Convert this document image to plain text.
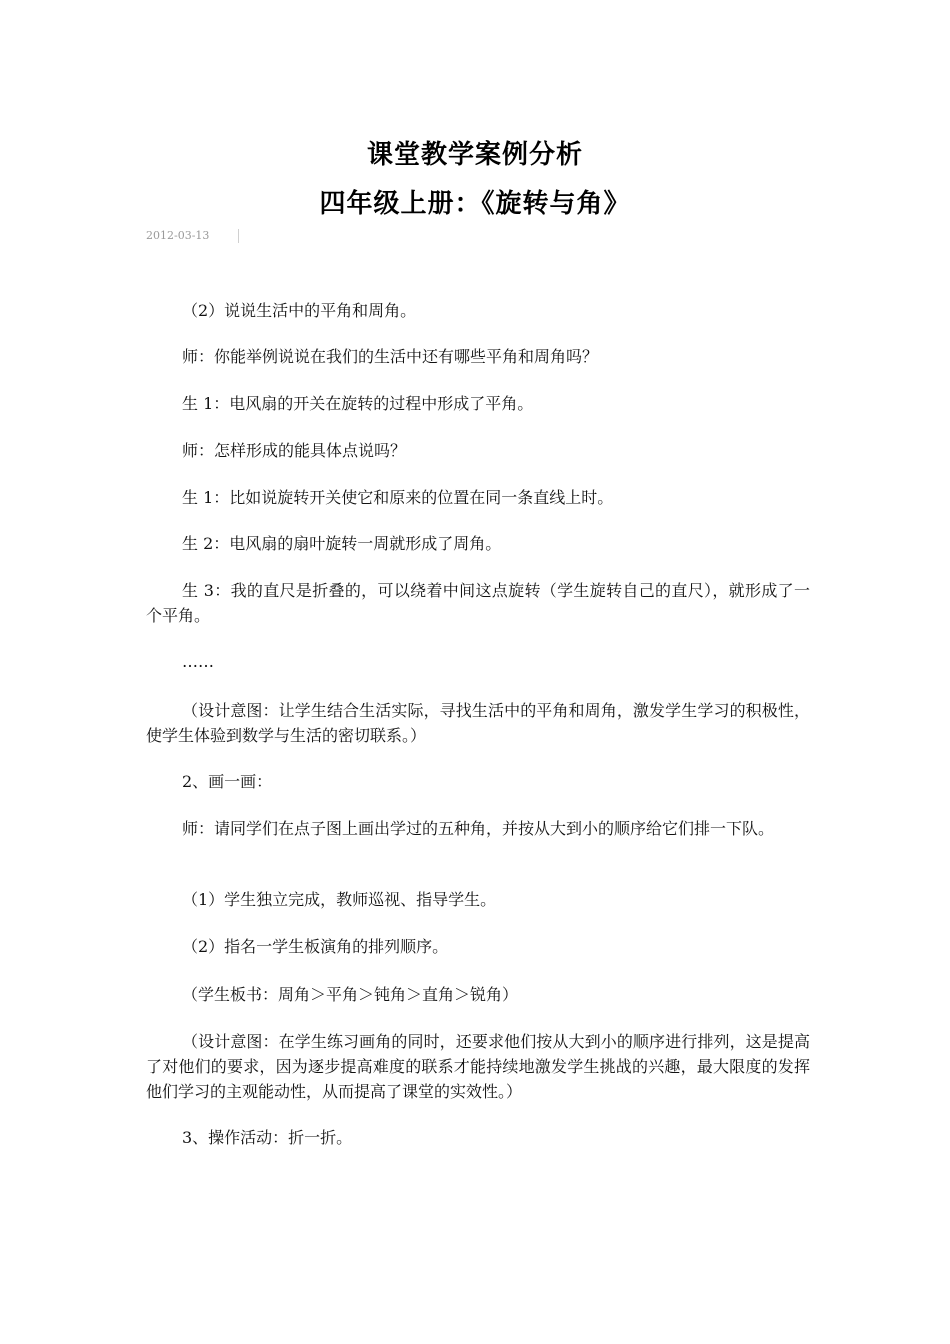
课堂教学案例分析
四年级上册：《旋转与角》
2012-03-13
（2）说说生活中的平角和周角。
师：你能举例说说在我们的生活中还有哪些平角和周角吗？
生 1：电风扇的开关在旋转的过程中形成了平角。
师：怎样形成的能具体点说吗？
生 1：比如说旋转开关使它和原来的位置在同一条直线上时。
生 2：电风扇的扇叶旋转一周就形成了周角。
生 3：我的直尺是折叠的，可以绕着中间这点旋转（学生旋转自己的直尺），就形成了一个平角。
……
（设计意图：让学生结合生活实际，寻找生活中的平角和周角，激发学生学习的积极性，使学生体验到数学与生活的密切联系。）
2、画一画：
师：请同学们在点子图上画出学过的五种角，并按从大到小的顺序给它们排一下队。
（1）学生独立完成，教师巡视、指导学生。
（2）指名一学生板演角的排列顺序。
（学生板书：周角＞平角＞钝角＞直角＞锐角）
（设计意图：在学生练习画角的同时，还要求他们按从大到小的顺序进行排列，这是提高了对他们的要求，因为逐步提高难度的联系才能持续地激发学生挑战的兴趣，最大限度的发挥他们学习的主观能动性，从而提高了课堂的实效性。）
3、操作活动：折一折。
